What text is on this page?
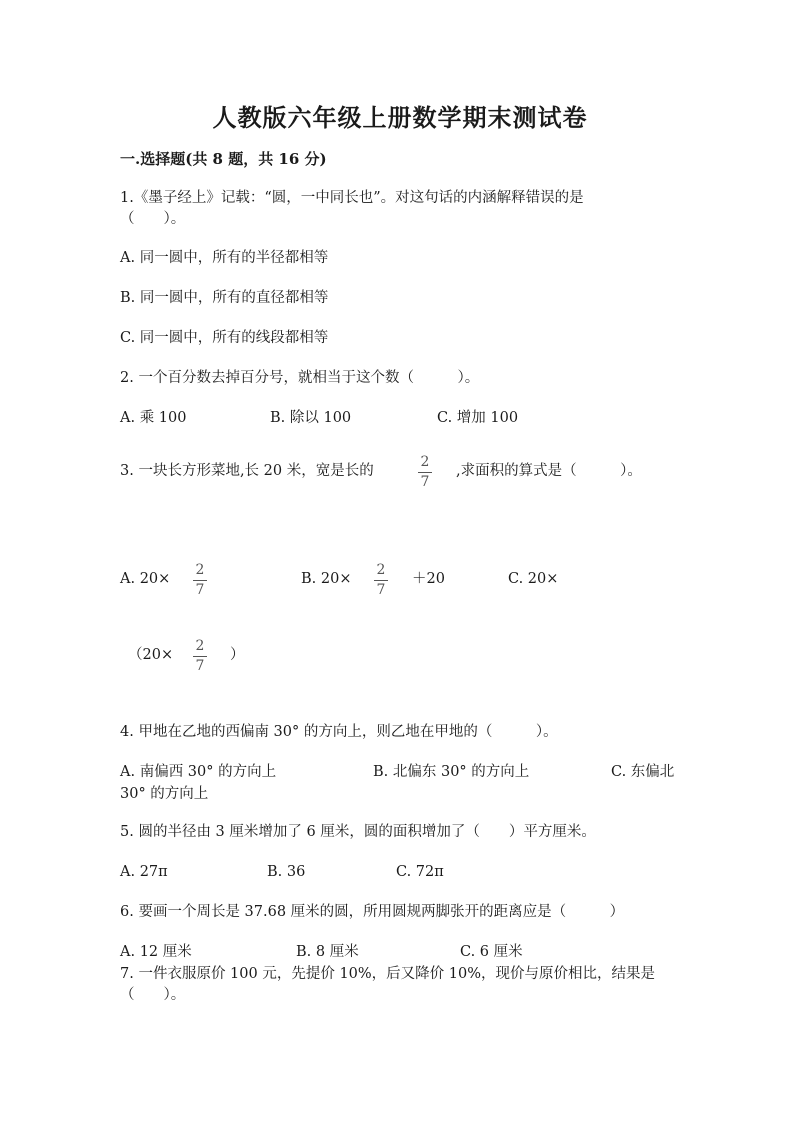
人教版六年级上册数学期末测试卷
一.选择题(共 8 题，共 16 分)
1.《墨子经上》记载：“圆，一中同长也”。对这句话的内涵解释错误的是
（　　）。
A. 同一圆中，所有的半径都相等
B. 同一圆中，所有的直径都相等
C. 同一圆中，所有的线段都相等
2. 一个百分数去掉百分号，就相当于这个数（　　　）。
A. 乘 100	B. 除以 100	C. 增加 100
3. 一块长方形菜地,长 20 米，宽是长的
2
7
,求面积的算式是（　　　）。
A. 20×
2
7
B. 20×
2
7
＋20	C. 20×
（20×
2
7
）
4. 甲地在乙地的西偏南 30° 的方向上，则乙地在甲地的（　　　）。
A. 南偏西 30° 的方向上	B. 北偏东 30° 的方向上	C. 东偏北
30° 的方向上
5. 圆的半径由 3 厘米增加了 6 厘米，圆的面积增加了（　　）平方厘米。
A. 27π	B. 36	C. 72π
6. 要画一个周长是 37.68 厘米的圆，所用圆规两脚张开的距离应是（　　　）
A. 12 厘米	B. 8 厘米	C. 6 厘米
7. 一件衣服原价 100 元，先提价 10%，后又降价 10%，现价与原价相比，结果是
（　　）。
